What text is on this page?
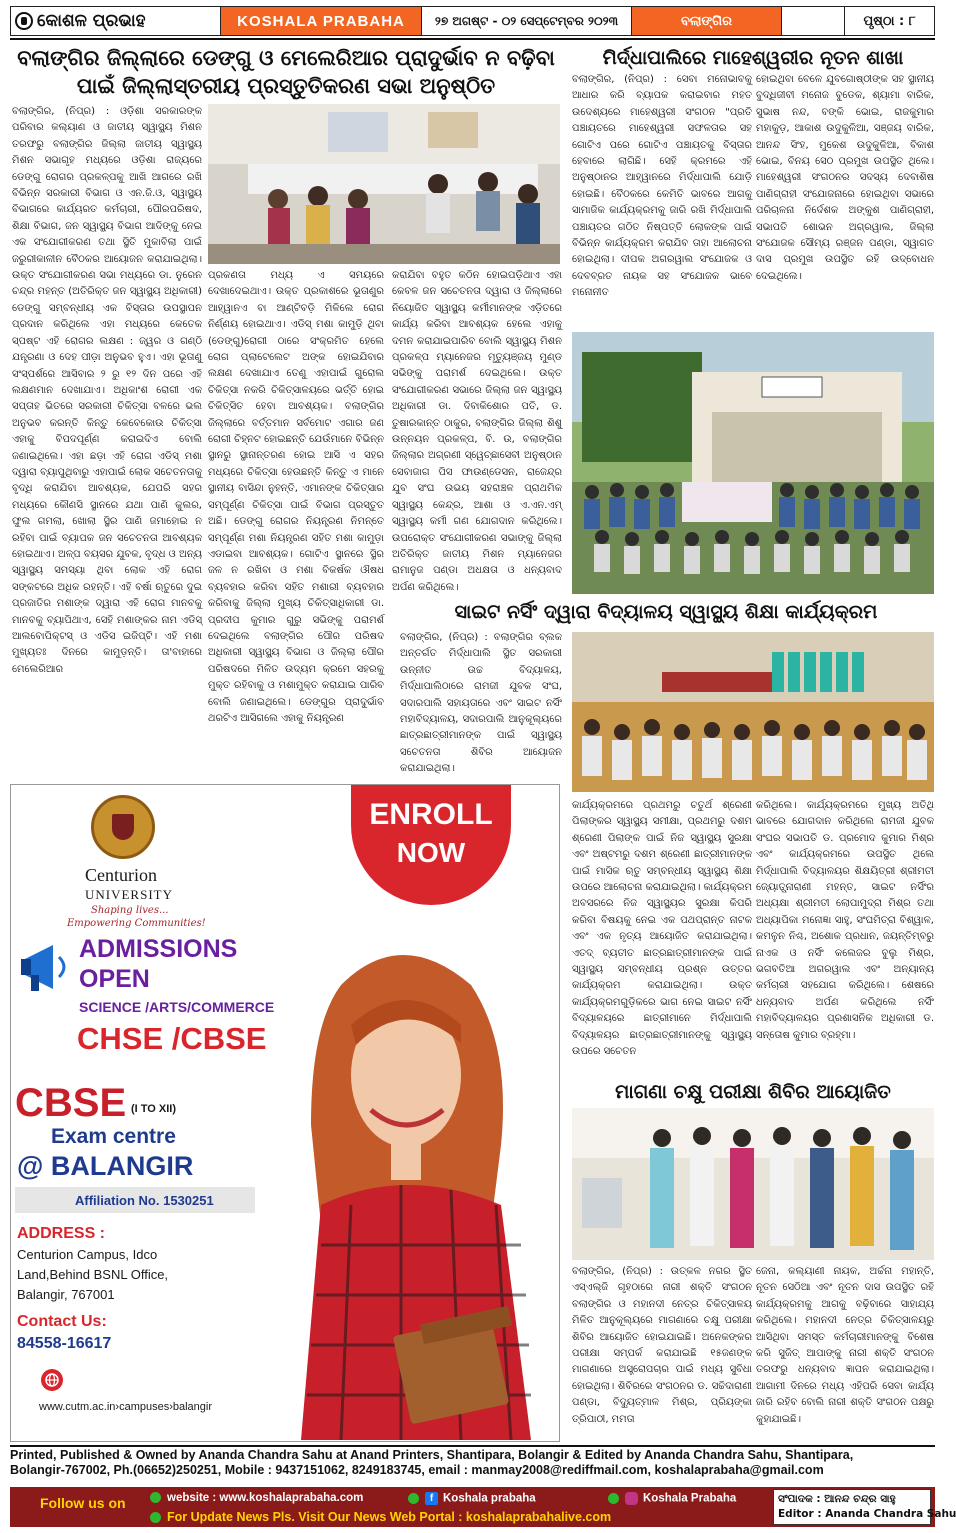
କୋଶଳ ପ୍ରଭାହ	KOSHALA PRABAHA	୨୭ ଅଗଷ୍ଟ - ୦୨ ସେପ୍ଟେମ୍ବର ୨୦୨୩	ବଲାଙ୍ଗିର	ପୃଷ୍ଠା : ୮
ବଲାଙ୍ଗିର ଜିଲ୍ଲାରେ ଡେଙ୍ଗୁ ଓ ମେଲେରିଆର ପ୍ରାଦୁର୍ଭାବ ନ ବଢ଼ିବା ପାଇଁ ଜିଲ୍ଲାସ୍ତରୀୟ ପ୍ରସ୍ତୁତିକରଣ ସଭା ଅନୁଷ୍ଠିତ
ବଲାଙ୍ଗିର, (ନିପ୍ର) : ଓଡ଼ିଶା ସରକାରଙ୍କ ପରିବାର କଲ୍ୟାଣ ଓ ଜାତୀୟ ସ୍ୱାସ୍ଥ୍ୟ ମିଶନ ତରଫରୁ ବଲାଙ୍ଗିର ଜିଲ୍ଲା ଜାତୀୟ ସ୍ୱାସ୍ଥ୍ୟ ମିଶନ ସଭାଗୃହ ମଧ୍ୟରେ ଓଡ଼ିଶା ରାଜ୍ୟରେ ଡେଙ୍ଗୁ ରୋଗର ପ୍ରକଳ୍ପକୁ ଆଖି ଆଗରେ ରଖି ବିଭିନ୍ନ ସରକାରୀ ବିଭାଗ ଓ ଏନ.ଜି.ଓ, ସ୍ୱାସ୍ଥ୍ୟ ବିଭାଗରେ କାର୍ଯ୍ୟରତ କର୍ମଚାରୀ, ପୌରପରିଷଦ, ଶିକ୍ଷା ବିଭାଗ, ଜନ ସ୍ୱାସ୍ଥ୍ୟ ବିଭାଗ ଆଦିଙ୍କୁ ନେଇ ଏକ ସଂଯୋଗୀକରଣ ତଥା ସ୍ଥିତି ମୁକାବିଲା ପାଇଁ ଜରୁରୀକାଳୀନ ବୈଠକର ଆୟୋଜନ କରାଯାଇଥିଲା। ଉକ୍ତ ସଂଯୋଗୀକରଣ ସଭା ମଧ୍ୟରେ ଡା. ନୁରେନ ଚନ୍ଦ୍ର ମହନ୍ତ (ଅତିରିକ୍ତ ଜନ ସ୍ୱାସ୍ଥ୍ୟ ଅଧିକାରୀ) ଡେଙ୍ଗୁ ସମ୍ବନ୍ଧୀୟ ଏକ ବିସ୍ତାର ଉପସ୍ଥାପନ ପ୍ରଦାନ କରିଥିଲେ ଏହା ମଧ୍ୟରେ କେତେକ ସ୍ପଷ୍ଟ ଏହି ରୋଗର ଲକ୍ଷଣ : ଜ୍ୱର ଓ ଗଣ୍ଠି ଯନ୍ତ୍ରଣା ଓ ଦେହ ପୀଡ଼ା ଅନୁଭବ ହୁଏ। ଏହା ଭୂତାଣୁ ସଂସ୍ପର୍ଶରେ ଆସିବାର ୨ ରୁ ୧୨ ଦିନ ପରେ ଏହି ଲକ୍ଷଣମାନ ଦେଖାଯାଏ। ଅଧିକାଂଶ ରୋଗୀ ଏକ ସପ୍ତାହ ଭିତରେ ସରକାରୀ ଚିକିତ୍ସା ବଳରେ ଭଲ ଅନୁଭବ କରନ୍ତି କିନ୍ତୁ କେବେକୋଉ ଚିକିତ୍ସା ଏହାକୁ ବିପଦପୂର୍ଣ୍ଣ କରାଇଦିଏ ବୋଲି ଜଣାଇଥିଲେ। ଏହା ଛଡ଼ା ଏହି ରୋଗ ଏଡିସ୍ ମଶା ଦ୍ୱାରା ବ୍ୟାପୁଥିବାରୁ ଏହାପାଇଁ ଲୋକ ସଚେତନତାକୁ ବୃଦ୍ଧି କରାଯିବା ଆବଶ୍ୟକ, ଯେପରି ସହର ମଧ୍ୟରେ କୌଣସି ସ୍ଥାନରେ ଯଥା ପାଣି କୁଲର, ଫୁଲ ଗମଲା, ଖୋଲା ସ୍ଥିର ପାଣି ଜମାହୋଇ ନ ରହିବା ପାଇଁ ବ୍ୟାପକ ଜନ ସଚେତନତା ଆବଶ୍ୟକ ହୋଇଥାଏ। ଅଳ୍ପ ବୟସର ଯୁବକ, ବୃଦ୍ଧ ଓ ଅନ୍ୟ ସ୍ୱାସ୍ଥ୍ୟ ସମସ୍ୟା ଥିବା ଲୋକ ଏହି ରୋଗ ସଙ୍କଟରେ ଅଧିକ ରହନ୍ତି। ଏହି ବର୍ଷା ଋତୁରେ ଦୁଇ ପ୍ରଜାତିର ମଶାଙ୍କ ଦ୍ୱାରା ଏହି ରୋଗ ମାନବକୁ ମାନବକୁ ବ୍ୟାପିଥାଏ, ସେହି ମଶାଙ୍କର ନାମ ଏଡିସ୍ ଆଲବୋପିକ୍ଟସ୍ ଓ ଏଡିସ ଇଜିପ୍ଟି। ଏହି ମଶା ମୁଖ୍ୟତଃ ଦିନରେ କାମୁଡ଼ନ୍ତି। ତା'ବାହାରେ ମେଲେରିଆର
ପ୍ରକଣତା ମଧ୍ୟ ଏ ସମୟରେ ଦେଖାଦେଇଥାଏ। ଉକ୍ତ ପ୍ରକାଶରେ ଭୂତାଣୁର ଆହ୍ୱାନଏ ବା ଆଣ୍ଟିବଡ଼ି ମିଳିଲେ ରୋଗ ନିର୍ଣ୍ଣୟ ହୋଇଥାଏ। ଏଡିସ୍ ମଶା କାମୁଡ଼ି ଥିବା (ଡେଙ୍ଗୁ)ରୋଗୀ ଠାରେ ସଂକ୍ରମିତ ହେଲେ ରୋଗ ପ୍ଲାଟେଲେଟ ଅଙ୍କ ହୋଇଯିବାର ଲକ୍ଷଣ ଦେଖାଯାଏ ତେଣୁ ଏହାପାଇଁ ଗୁରୋଲ ଚିକିତ୍ସା ନକରି ଚିକିତ୍ସାଳୟରେ ଭର୍ତ୍ତି ହୋଇ ଚିକିତ୍ସିତ ହେବା ଆବଶ୍ୟକ। ବଲାଙ୍ଗିର ଜିଲ୍ଲାରେ ବର୍ତ୍ତମାନ ସର୍ବମୋଟ ଏଗାର ଜଣ ରୋଗୀ ଚିହ୍ନଟ ହୋଇଛନ୍ତି ଯେଉଁମାନେ ବିଭିନ୍ନ ସ୍ଥାନରୁ ସ୍ଥାନାନ୍ତରଣ ହୋଇ ଆସି ଏ ସହର ମଧ୍ୟରେ ଚିକିତ୍ସା ହେଉଛନ୍ତି କିନ୍ତୁ ଏ ମାନେ ସ୍ଥାନୀୟ ବାସିନ୍ଦା ନୁହନ୍ତି, ଏମାନଙ୍କ ଚିକିତ୍ସାର ସମ୍ପୂର୍ଣ୍ଣ ଚିକିତ୍ସା ପାଇଁ ବିଭାଗ ପ୍ରସ୍ତୁତ ଅଛି। ଡେଙ୍ଗୁ ରୋଗର ନିୟନ୍ତ୍ରଣ ନିମନ୍ତେ ସମ୍ପୂର୍ଣ୍ଣ ମଶା ନିୟନ୍ତ୍ରଣ ସହିତ ମଶା କାମୁଡ଼ା ଏଡାଇବା ଆବଶ୍ୟକ। ଗୋଟିଏ ସ୍ଥାନରେ ସ୍ଥିର ଜଳ ନ ରଖିବା ଓ ମଶା ବିକର୍ଷକ ଔଷଧ ବ୍ୟବହାର କରିବା ସହିତ ମଶାରୀ ବ୍ୟବହାର କରିବାକୁ ଜିଲ୍ଲା ମୁଖ୍ୟ ଚିକିତ୍ସାଧିକାରୀ ଡା. ପ୍ରଦୀପ କୁମାର ଗୁରୁ ସଭିଙ୍କୁ ପରାମର୍ଶ ଦେଇଥିଲେ ବଲାଙ୍ଗିର ପୌର ପରିଷଦ ଅଧିକାରୀ ସ୍ୱାସ୍ଥ୍ୟ ବିଭାଗ ଓ ଜିଲ୍ଲା ପୌର ପରିଷଦରେ ମିଳିତ ଉଦ୍ୟମ କ୍ରମେ ସହରକୁ ମୁକ୍ତ ରହିବାକୁ ଓ ମଶାମୁକ୍ତ କରାଯାଇ ପାରିବ ବୋଲି ଜଣାଇଥିଲେ। ଡେଙ୍ଗୁର ପ୍ରାଦୁର୍ଭାବ ଥରଟିଏ ଆସିଗଲେ ଏହାକୁ ନିୟନ୍ତ୍ରଣ
କରାଯିବା ବହୁତ କଠିନ ହୋଇପଡ଼ିଥାଏ ଏହା କେବଳ ଜନ ସଚେତନତା ଦ୍ୱାରା ଓ ଜିଲ୍ଲାରେ ନିୟୋଜିତ ସ୍ୱାସ୍ଥ୍ୟ କର୍ମୀମାନଙ୍କ ଏଡ଼ିତରେ କାର୍ଯ୍ୟ କରିବା ଆବଶ୍ୟକ ହେଲେ ଏହାକୁ ଦମନ କରାଯାଇପାରିବ ବୋଲି ସ୍ୱାସ୍ଥ୍ୟ ମିଶନ ପ୍ରକଳ୍ପ ମ୍ୟାନେଜର ମୃତ୍ୟୁଞ୍ଜୟ ମୁଣ୍ଡ ସଭିଙ୍କୁ ପରାମର୍ଶ ଦେଇଥିଲେ। ଉକ୍ତ ସଂଯୋଗୀକରଣ ସଭାରେ ଜିଲ୍ଲା ଜନ ସ୍ୱାସ୍ଥ୍ୟ ଅଧିକାରୀ ଡା. ଦିବାକିଶୋର ପତି, ଡ. ତୁଷାରକାନ୍ତ ଠାକୁର, ବଲାଙ୍ଗିର ଜିଲ୍ଲା ଶିଶୁ ଉନ୍ନୟନ ପ୍ରକଳ୍ପ, ବି. ଉ, ବଲାଙ୍ଗିର ଜିଲ୍ଲାର ଅଗ୍ରଣୀ ସ୍ୱେଚ୍ଛାସେବୀ ଅନୁଷ୍ଠାନ ସେବାଜାଗ ପିସ ଫାଉଣ୍ଡେସନ, ରାଜେନ୍ଦ୍ର ଯୁବ ସଂଘ ଉଭୟ ସହରାଞ୍ଚଳ ପ୍ରାଥମିକ ସ୍ୱାସ୍ଥ୍ୟ କେନ୍ଦ୍ର, ଆଶା ଓ ଏ.ଏନ.ଏମ୍ ସ୍ୱାସ୍ଥ୍ୟ କର୍ମୀ ଗଣ ଯୋଗଦାନ କରିଥିଲେ। ଉପରୋକ୍ତ ସଂଯୋଗୀକରଣ ସଭାଙ୍କୁ ଜିଲ୍ଲା ଅତିରିକ୍ତ ଜାତୀୟ ମିଶନ ମ୍ୟାନେଜର ରାମାନୁଜ ପଣ୍ଡା ଅଧକ୍ଷତା ଓ ଧନ୍ୟବାଦ ଅର୍ପଣ କରିଥିଲେ।
ମିର୍ଦ୍ଧାପାଲିରେ ମାହେଶ୍ୱରୀର ନୂତନ ଶାଖା
ବଲାଙ୍ଗିର, (ନିପ୍ର) : ସେବା ମନୋଭାବକୁ ଆଧାର କରି ବ୍ୟାପକ କରାଇବାର ମହତ ଉଦେଶ୍ୟରେ ମାହେଶ୍ୱରୀ ସଂଗଠନ "ପ୍ରତି ପଞ୍ଚାୟତରେ ମାହେଶ୍ୱରୀ ସଫଳତାର ସହ ଗୋଟିଏ ପରେ ଗୋଟିଏ ପଞ୍ଚାୟତକୁ ବିସ୍ତାର ହେବାରେ ଲାଗିଛି। ସେହି କ୍ରମରେ ଏହି ଅନୁଷ୍ଠାନର ଆହ୍ୱାନରେ ମିର୍ଦ୍ଧାପାଲି ଯୋଡ଼ି ହୋଇଛି। ବୈଠକରେ କେମିତି ଭାବରେ ଆଗକୁ ସାମାଜିକ କାର୍ଯ୍ୟକ୍ରମକୁ ଜାରି ରଖି ମିର୍ଦ୍ଧାପାଲି ପଞ୍ଚାୟତର ଗଠିତ ନିଷ୍ପତ୍ତି ଲୋକଙ୍କ ପାଇଁ ବିଭିନ୍ନ କାର୍ଯ୍ୟକ୍ରମ କରାଯିବ ତାହା ଆଲୋଚନା ହୋଇଥିଲା। ଦୀପକ ଅଗରୱାଲ ସଂଯୋଜକ ଓ ଦେବବ୍ରତ ନାୟକ ସହ ସଂଯୋଜକ ଭାବେ ମନୋନୀତ
ହୋଇଥିବା ବେଳେ ଯୁବଗୋଷ୍ଠୀଙ୍କ ସହ ସ୍ଥାନୀୟ ବୁଦ୍ଧିଜୀବୀ ମନୋଜ ବୁଡେକ, ଶ୍ୟାମା ବାରିକ, ସୁଭାଷ ନନ୍ଦ, ବଙ୍କି ଭୋଇ, ରାଜକୁମାର ମହାକୁଡ଼, ଆକାଶ ଉଦୁକୁଳିଆ, ସଞ୍ଜୟ ବାରିକ, ଆନନ୍ଦ ସିଂହ, ମୁକେଶ ଉଦୁକୁଳିଆ, ବିକାଶ ଭୋଇ, ବିନୟ ସେଠ ପ୍ରମୁଖ ଉପସ୍ଥିତ ଥିଲେ। ମାହେଶ୍ୱରୀ ସଂଗଠନର ସଦସ୍ୟ ଦେବାଶିଷ ପାଣିଗ୍ରାହୀ ସଂଯୋଜନାରେ ହୋଇଥିବା ସଭାରେ ପରିଚାଳନା ନିର୍ଦେଶକ ଅଙ୍କୁଶ ପାଣିଗ୍ରାହୀ, ସଭାପତି ଶୋଭନ ଅଗ୍ରୱାଲ, ଜିଲ୍ଲା ସଂଯୋଜକ ସୌମ୍ୟ ରଞ୍ଜନ ପଣ୍ଡା, ସ୍ୱାଗତ ଦାସ ପ୍ରମୁଖ ଉପସ୍ଥିତ ରହି ଉଦ୍‌ବୋଧନ ଦେଇଥିଲେ।
ସାଇଟ ନର୍ସିଂ ଦ୍ୱାରା ବିଦ୍ୟାଳୟ ସ୍ୱାସ୍ଥ୍ୟ ଶିକ୍ଷା କାର୍ଯ୍ୟକ୍ରମ
ବଲାଙ୍ଗିର, (ନିପ୍ର) : ବଲାଙ୍ଗିର ବ୍ଲକ ଅନ୍ତର୍ଗତ ମିର୍ଦ୍ଧାପାଲି ସ୍ଥିତ ସରକାରୀ ଉନ୍ନୀତ ଉଚ୍ଚ ବିଦ୍ୟାଳୟ, ମିର୍ଦ୍ଧାପାଲିଠାରେ ରାମଜୀ ଯୁବକ ସଂଘ, ସଦାରପାଲି ସହାୟତାରେ ଏବଂ ସାଇଟ ନର୍ସିଂ ମହାବିଦ୍ୟାଳୟ, ସଦାରପାଲି ଆନୁକୂଲ୍ୟରେ ଛାତ୍ରଛାତ୍ରୀମାନଙ୍କ ପାଇଁ ସ୍ୱାସ୍ଥ୍ୟ ସଚେତନତା ଶିବିର ଆୟୋଜନ କରାଯାଇଥିଲା।
କାର୍ଯ୍ୟକ୍ରମରେ ପ୍ରଥମରୁ ଚତୁର୍ଥ ଶ୍ରେଣୀ ପିଲାଙ୍କର ସ୍ୱାସ୍ଥ୍ୟ ସମୀକ୍ଷା, ପ୍ରଥମରୁ ଦଶମ ଶ୍ରେଣୀ ପିଲାଙ୍କ ପାଇଁ ନିଜ ସ୍ୱାସ୍ଥ୍ୟ ସୁରକ୍ଷା ଏବଂ ଅଷ୍ଟମରୁ ଦଶମ ଶ୍ରେଣୀ ଛାତ୍ରୀମାନଙ୍କ ପାଇଁ ମାସିକ ଋତୁ ସମ୍ବନ୍ଧୀୟ ସ୍ୱାସ୍ଥ୍ୟ ଶିକ୍ଷା ଉପରେ ଆଲୋଚନା କରାଯାଇଥିଲା। କାର୍ଯ୍ୟକ୍ରମ ଅବସରରେ ନିଜ ସ୍ୱାସ୍ଥ୍ୟର ସୁରକ୍ଷା କିପରି କରିବା ବିଷୟକୁ ନେଇ ଏକ ପଥପ୍ରାନ୍ତ ନାଟକ ଏବଂ ଏକ ନୃତ୍ୟ ଆୟୋଜିତ କରାଯାଇଥିଲା। ଏତଦ୍ ବ୍ୟତୀତ ଛାତ୍ରଛାତ୍ରୀମାନଙ୍କ ପାଇଁ ସ୍ୱାସ୍ଥ୍ୟ ସମ୍ବନ୍ଧୀୟ ପ୍ରଶ୍ନ ଉତ୍ତର କାର୍ଯ୍ୟକ୍ରମ କରାଯାଇଥିଲା। ଉକ୍ତ କାର୍ଯ୍ୟକ୍ରମଗୁଡ଼ିକରେ ଭାଗ ନେଇ ସାଇଟ ନର୍ସିଂ ବିଦ୍ୟାଳୟରେ ଛାତ୍ରୀମାନେ ମିର୍ଦ୍ଧାପାଲି ବିଦ୍ୟାଳୟର ଛାତ୍ରଛାତ୍ରୀମାନଙ୍କୁ ସ୍ୱାସ୍ଥ୍ୟ ଉପରେ ସଚେତନ
କରିଥିଲେ। କାର୍ଯ୍ୟକ୍ରମରେ ମୁଖ୍ୟ ଅତିଥି ଭାବରେ ଯୋଗଦାନ କରିଥିଲେ ରାମଜୀ ଯୁବକ ସଂଘର ସଭାପତି ଡ. ପ୍ରମୋଦ କୁମାର ମିଶ୍ର ଏବଂ କାର୍ଯ୍ୟକ୍ରମରେ ଉପସ୍ଥିତ ଥିଲେ ମିର୍ଦ୍ଧାପାଲି ବିଦ୍ୟାଳୟର ଶିକ୍ଷୟିତ୍ରୀ ଶ୍ରୀମତୀ ଜ୍ୟୋତ୍ସ୍ନାରାଣୀ ମହନ୍ତ, ସାଇଟ ନର୍ସିଂର ଅଧ୍ୟକ୍ଷା ଶ୍ରୀମତୀ ଲୋପାମୁଦ୍ରା ମିଶ୍ର ତଥା ଅଧ୍ୟାପିକା ମନୋଜ୍ଞା ସାହୁ, ସଂଘମିତ୍ରା ବିଶ୍ୱାଳ, କମଳୁନ ନିଶ୍ଚ, ଅଶୋକ ପ୍ରଧାନ, ଜୟନ୍ତିମ୍ବରୁ ନାଏକ ଓ ନର୍ସିଂ କଲେଜର ବୁଲୁ ମିଶ୍ର, ଭଗବତିଆ ଅଗରୱାଲ ଏବଂ ଅନ୍ୟାନ୍ୟ କର୍ମଚାରୀ ସହଯୋଗ କରିଥିଲେ। ଶେଷରେ ଧନ୍ୟବାଦ ଅର୍ପଣ କରିଥିଲେ ନର୍ସିଂ ମହାବିଦ୍ୟାଳୟର ପ୍ରଶାସନିକ ଅଧିକାରୀ ଡ. ସନ୍ତୋଷ କୁମାର ବ୍ରହ୍ମା।
ମାଗଣା ଚକ୍ଷୁ ପରୀକ୍ଷା ଶିବିର ଆୟୋଜିତ
ବଲାଙ୍ଗିର, (ନିପ୍ର) : ଉତ୍କଳ ନଗର ସ୍ଥିତ ଏସ୍‌ଏଲ୍‌ଜି ଗୃହଠାରେ ନାରୀ ଶକ୍ତି ସଂଗଠନ ବଲାଙ୍ଗିର ଓ ମହାନଦୀ ନେତ୍ର ଚିକିତ୍ସାଳୟ ମିଳିତ ଆନୁକୂଲ୍ୟରେ ମାଗଣାରେ ଚକ୍ଷୁ ପରୀକ୍ଷା ଶିବିର ଆୟୋଜିତ ହୋଇଯାଇଛି। ଅନେକଙ୍କର ପରୀକ୍ଷା ସମ୍ପର୍କ କରାଯାଇଛି ୧୫ଜଣଙ୍କ ମାଗଣାରେ ଅସ୍ତ୍ରୋପଚାର ପାଇଁ ମଧ୍ୟ ସୁବିଧା ହୋଇଥିଲା। ଶିବିରରେ ସଂଗଠନର ଡ. ସଚ୍ଚିଦାରାଣୀ ପଣ୍ଡା, ବିଦ୍ୟୁତ୍‌ମାଳ ମିଶ୍ର, ପ୍ରିୟଙ୍କା ତ୍ରିପାଠୀ, ମମତା
ଜେନା, କଲ୍ୟାଣୀ ନାୟକ, ଅର୍ଚ୍ଚନା ମହାନ୍ତି, ନୂତନ ସେଠିଆ ଏବଂ ନୂତନ ଦାସ ଉପସ୍ଥିତ ରହି କାର୍ଯ୍ୟକ୍ରମକୁ ଆଗକୁ ବଢ଼ିବାରେ ସାହାଯ୍ୟ କରିଥିଲେ। ମହାନଦୀ ନେତ୍ର ଚିକିତ୍ସାଳୟରୁ ଆସିଥିବା ସମସ୍ତ କର୍ମଚାରୀମାନଙ୍କୁ ବିଶେଷ କରି ସୁଜିତ୍ ଆପାଙ୍କୁ ନାରୀ ଶକ୍ତି ସଂଗଠନ ତରଫରୁ ଧନ୍ୟବାଦ ଜ୍ଞାପନ କରାଯାଇଥିଲା। ଆଗାମୀ ଦିନରେ ମଧ୍ୟ ଏହିପରି ସେବା କାର୍ଯ୍ୟ ଜାରି ରହିବ ବୋଲି ନାରୀ ଶକ୍ତି ସଂଗଠନ ପକ୍ଷରୁ କୁହାଯାଇଛି।
Centurion
UNIVERSITY
Shaping lives...
Empowering Communities!
ENROLL
NOW
ADMISSIONS
OPEN
SCIENCE /ARTS/COMMERCE
CHSE /CBSE
CBSE (I TO XII)
Exam centre
@ BALANGIR
Affiliation No. 1530251
ADDRESS :
Centurion Campus, Idco
Land,Behind BSNL Office,
Balangir, 767001
Contact Us:
84558-16617
www.cutm.ac.in›campuses›balangir
Printed, Published & Owned by Ananda Chandra Sahu at Anand Printers, Shantipara, Bolangir & Edited by Ananda Chandra Sahu, Shantipara,
Bolangir-767002, Ph.(06652)250251, Mobile : 9437151062, 8249183745, email : manmay2008@rediffmail.com, koshalaprabaha@gmail.com
Follow us on	website : www.koshalaprabaha.com	f Koshala prabaha	Koshala Prabaha
For Update News Pls. Visit Our News Web Portal : koshalaprabahalive.com
ସଂପାଦକ : ଆନନ୍ଦ ଚନ୍ଦ୍ର ସାହୁ
Editor : Ananda Chandra Sahu
